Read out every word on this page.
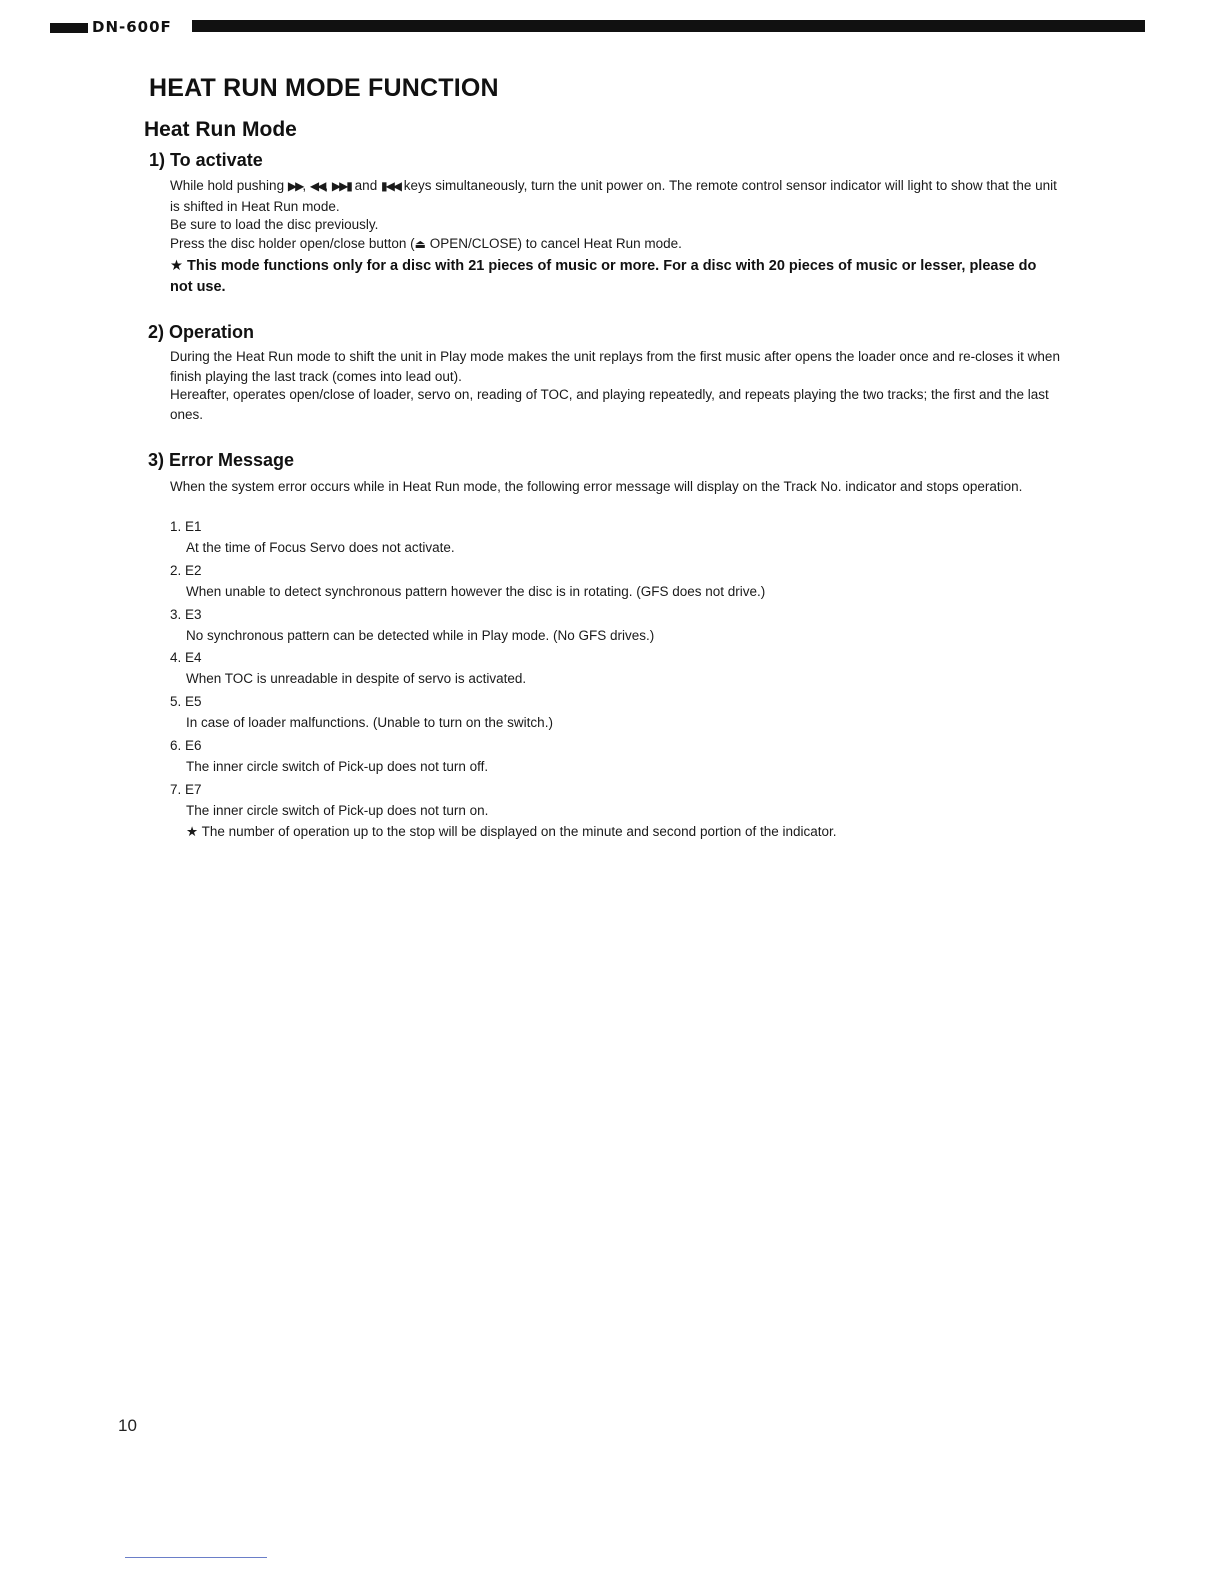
DN-600F
HEAT RUN MODE FUNCTION
Heat Run Mode
1) To activate

While hold pushing ▶▶, ◀◀, ▶▶▮ and ▮◀◀ keys simultaneously, turn the unit power on. The remote control sensor indicator will light to show that the unit is shifted in Heat Run mode.

Be sure to load the disc previously.

Press the disc holder open/close button (⏏ OPEN/CLOSE) to cancel Heat Run mode.

★ This mode functions only for a disc with 21 pieces of music or more. For a disc with 20 pieces of music or lesser, please do not use.

2) Operation

During the Heat Run mode to shift the unit in Play mode makes the unit replays from the first music after opens the loader once and re-closes it when finish playing the last track (comes into lead out).

Hereafter, operates open/close of loader, servo on, reading of TOC, and playing repeatedly, and repeats playing the two tracks; the first and the last ones.

3) Error Message

When the system error occurs while in Heat Run mode, the following error message will display on the Track No. indicator and stops operation.

1. E1
At the time of Focus Servo does not activate.
2. E2
When unable to detect synchronous pattern however the disc is in rotating. (GFS does not drive.)
3. E3
No synchronous pattern can be detected while in Play mode. (No GFS drives.)
4. E4
When TOC is unreadable in despite of servo is activated.
5. E5
In case of loader malfunctions. (Unable to turn on the switch.)
6. E6
The inner circle switch of Pick-up does not turn off.
7. E7
The inner circle switch of Pick-up does not turn on.

★ The number of operation up to the stop will be displayed on the minute and second portion of the indicator.

10
